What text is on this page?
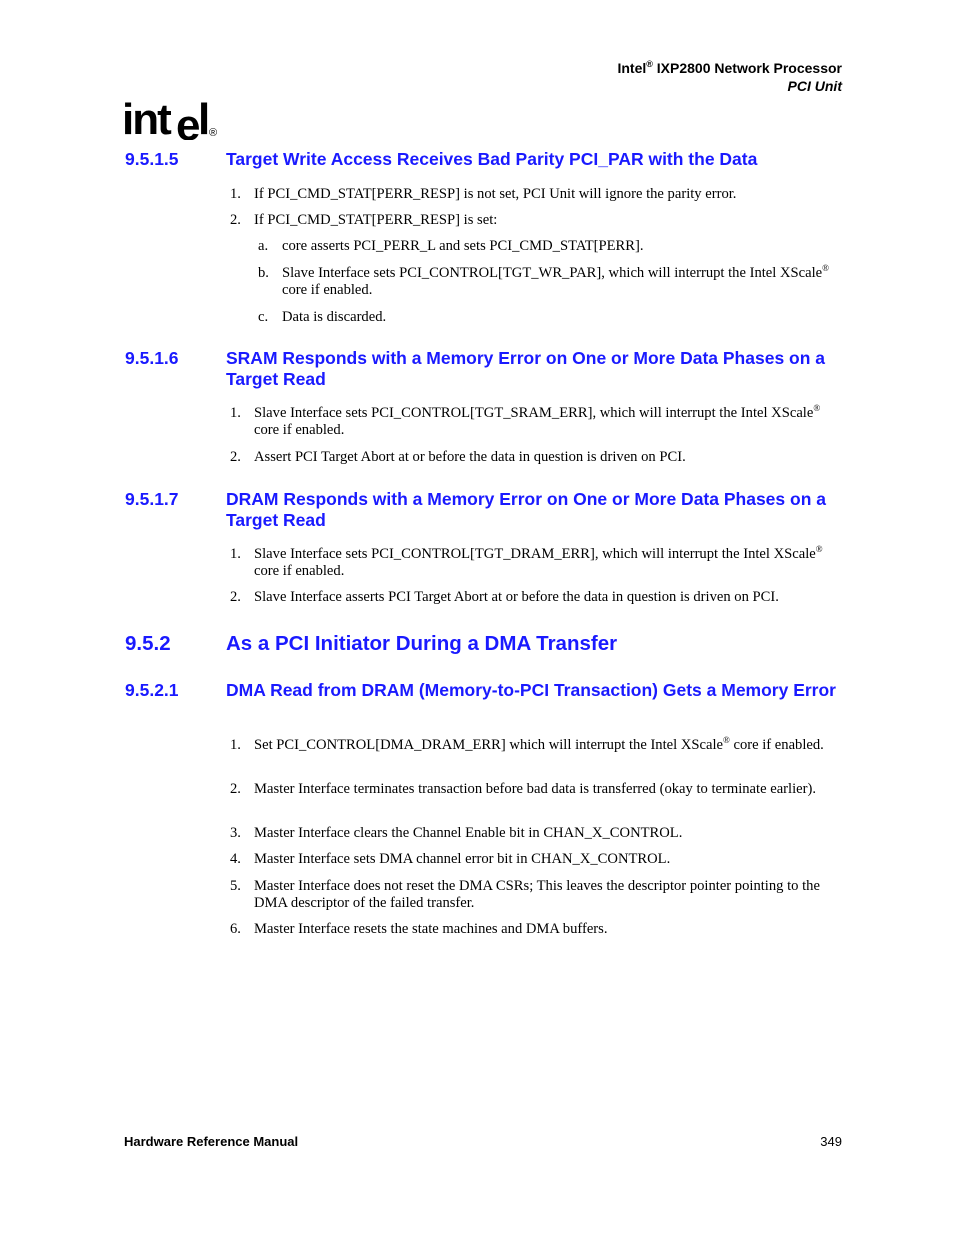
Intel® IXP2800 Network Processor
PCI Unit
int e
l
®
9.5.1.5	Target Write Access Receives Bad Parity PCI_PAR with the Data
1. If PCI_CMD_STAT[PERR_RESP] is not set, PCI Unit will ignore the parity error.
2. If PCI_CMD_STAT[PERR_RESP] is set:
a. core asserts PCI_PERR_L and sets PCI_CMD_STAT[PERR].
b. Slave Interface sets PCI_CONTROL[TGT_WR_PAR], which will interrupt the Intel XScale® core if enabled.
c. Data is discarded.
9.5.1.6	SRAM Responds with a Memory Error on One or More Data Phases on a Target Read
1. Slave Interface sets PCI_CONTROL[TGT_SRAM_ERR], which will interrupt the Intel XScale® core if enabled.
2. Assert PCI Target Abort at or before the data in question is driven on PCI.
9.5.1.7	DRAM Responds with a Memory Error on One or More Data Phases on a Target Read
1. Slave Interface sets PCI_CONTROL[TGT_DRAM_ERR], which will interrupt the Intel XScale® core if enabled.
2. Slave Interface asserts PCI Target Abort at or before the data in question is driven on PCI.
9.5.2	As a PCI Initiator During a DMA Transfer
9.5.2.1	DMA Read from DRAM (Memory-to-PCI Transaction) Gets a Memory Error
1. Set PCI_CONTROL[DMA_DRAM_ERR] which will interrupt the Intel XScale® core if enabled.
2. Master Interface terminates transaction before bad data is transferred (okay to terminate earlier).
3. Master Interface clears the Channel Enable bit in CHAN_X_CONTROL.
4. Master Interface sets DMA channel error bit in CHAN_X_CONTROL.
5. Master Interface does not reset the DMA CSRs; This leaves the descriptor pointer pointing to the DMA descriptor of the failed transfer.
6. Master Interface resets the state machines and DMA buffers.
Hardware Reference Manual	349
